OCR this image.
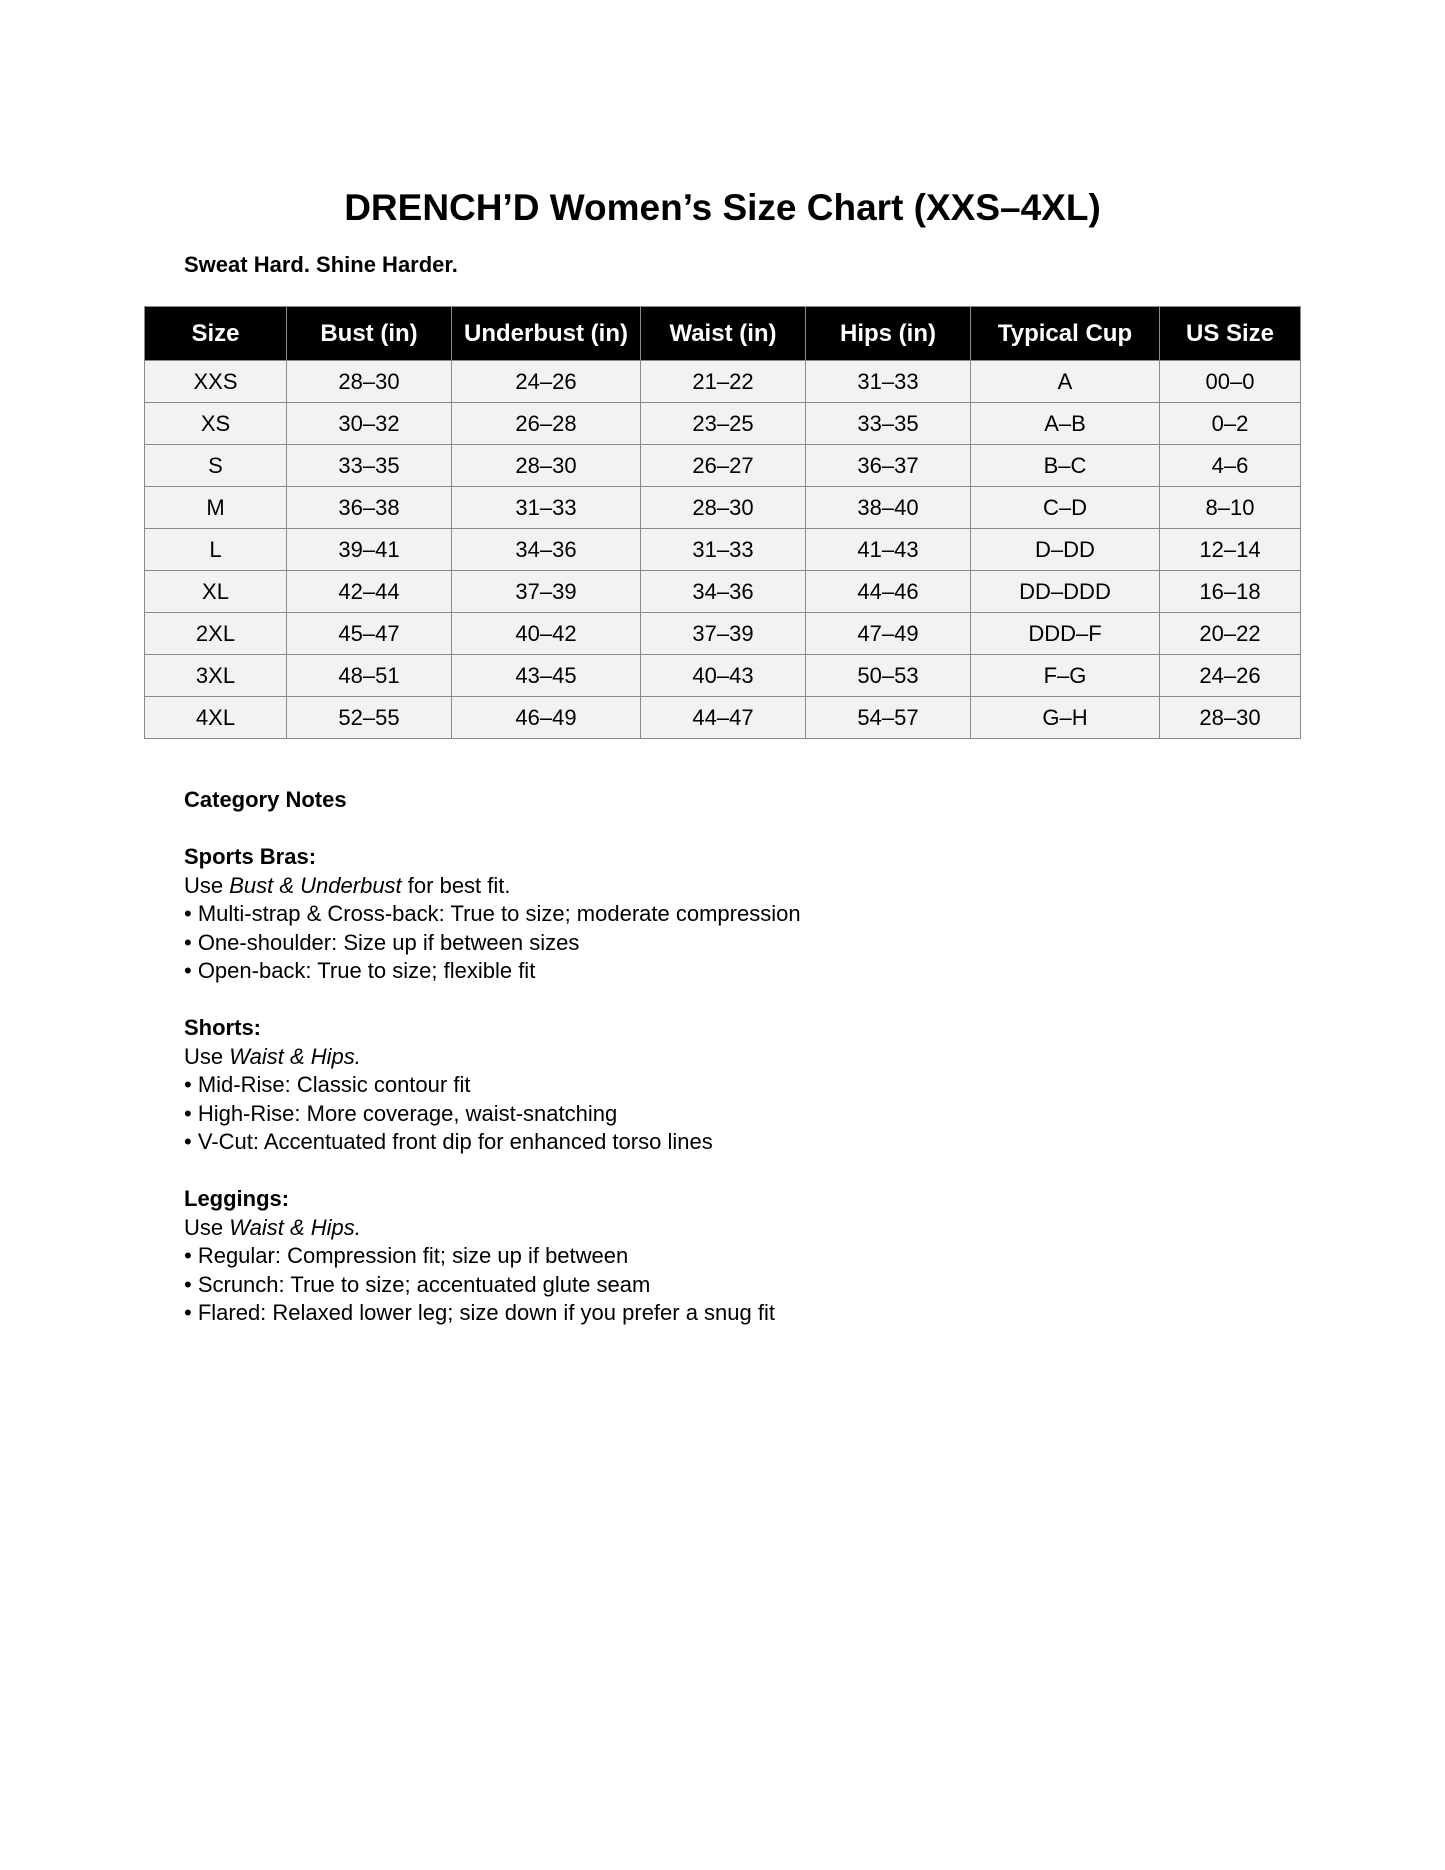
DRENCH’D Women’s Size Chart (XXS–4XL)

Sweat Hard. Shine Harder.

Size	Bust (in)	Underbust (in)	Waist (in)	Hips (in)	Typical Cup	US Size
XXS	28–30	24–26	21–22	31–33	A	00–0
XS	30–32	26–28	23–25	33–35	A–B	0–2
S	33–35	28–30	26–27	36–37	B–C	4–6
M	36–38	31–33	28–30	38–40	C–D	8–10
L	39–41	34–36	31–33	41–43	D–DD	12–14
XL	42–44	37–39	34–36	44–46	DD–DDD	16–18
2XL	45–47	40–42	37–39	47–49	DDD–F	20–22
3XL	48–51	43–45	40–43	50–53	F–G	24–26
4XL	52–55	46–49	44–47	54–57	G–H	28–30
Category Notes
Sports Bras:
Use Bust & Underbust for best fit.
• Multi-strap & Cross-back: True to size; moderate compression
• One-shoulder: Size up if between sizes
• Open-back: True to size; flexible fit
Shorts:
Use Waist & Hips.
• Mid-Rise: Classic contour fit
• High-Rise: More coverage, waist-snatching
• V-Cut: Accentuated front dip for enhanced torso lines
Leggings:
Use Waist & Hips.
• Regular: Compression fit; size up if between
• Scrunch: True to size; accentuated glute seam
• Flared: Relaxed lower leg; size down if you prefer a snug fit
